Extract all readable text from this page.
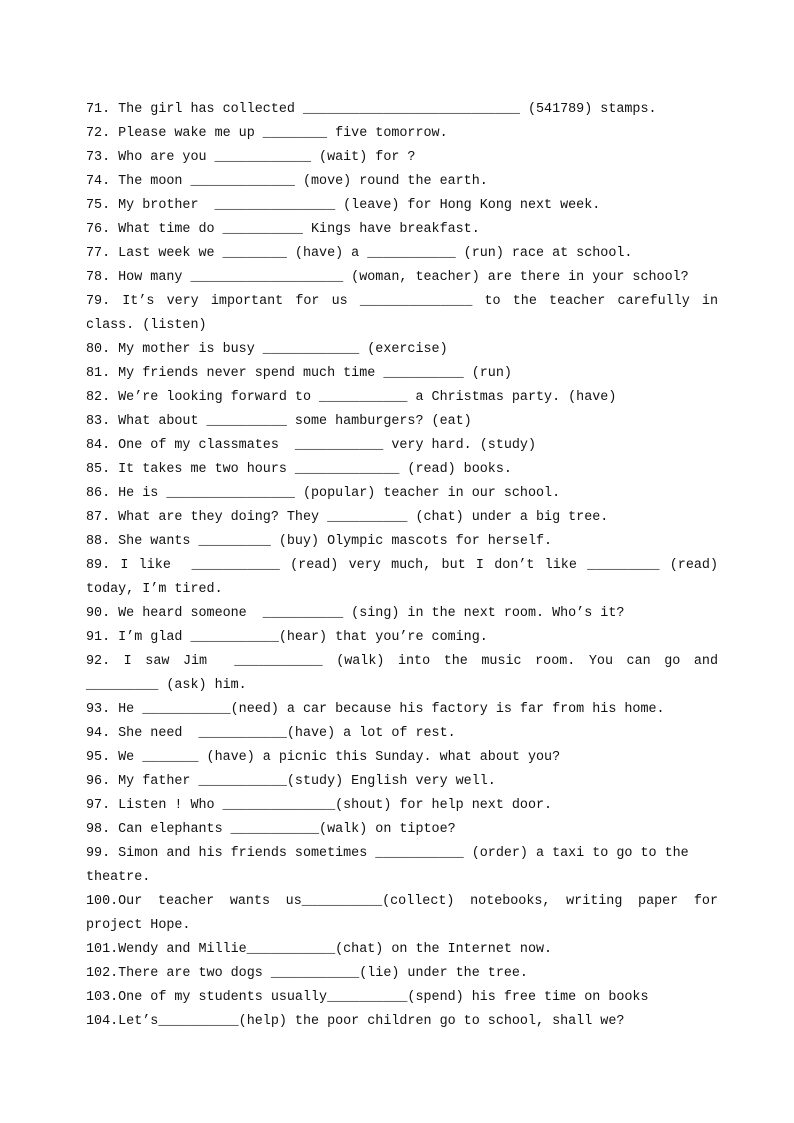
71. The girl has collected ___________________________ (541789) stamps.

72. Please wake me up ________ five tomorrow.

73. Who are you ____________ (wait) for ?

74. The moon _____________ (move) round the earth.

75. My brother  _______________ (leave) for Hong Kong next week.

76. What time do __________ Kings have breakfast.

77. Last week we ________ (have) a ___________ (run) race at school.

78. How many ___________________ (woman, teacher) are there in your school?

79. It’s very important for us ______________ to the teacher carefully in class. (listen)

80. My mother is busy ____________ (exercise)

81. My friends never spend much time __________ (run)

82. We’re looking forward to ___________ a Christmas party. (have)

83. What about __________ some hamburgers? (eat)

84. One of my classmates  ___________ very hard. (study)

85. It takes me two hours _____________ (read) books.

86. He is ________________ (popular) teacher in our school.

87. What are they doing? They __________ (chat) under a big tree.

88. She wants _________ (buy) Olympic mascots for herself.

89. I like  ___________ (read) very much, but I don’t like _________ (read) today, I’m tired.

90. We heard someone  __________ (sing) in the next room. Who’s it?

91. I’m glad ___________(hear) that you’re coming.

92. I saw Jim  ___________ (walk) into the music room. You can go and _________ (ask) him.

93. He ___________(need) a car because his factory is far from his home.

94. She need  ___________(have) a lot of rest.

95. We _______ (have) a picnic this Sunday. what about you?

96. My father ___________(study) English very well.

97. Listen ! Who ______________(shout) for help next door.

98. Can elephants ___________(walk) on tiptoe?

99. Simon and his friends sometimes ___________ (order) a taxi to go to the theatre.

100.Our teacher wants us__________(collect) notebooks, writing paper for project Hope.

101.Wendy and Millie___________(chat) on the Internet now.

102.There are two dogs ___________(lie) under the tree.

103.One of my students usually__________(spend) his free time on books

104.Let’s__________(help) the poor children go to school, shall we?
